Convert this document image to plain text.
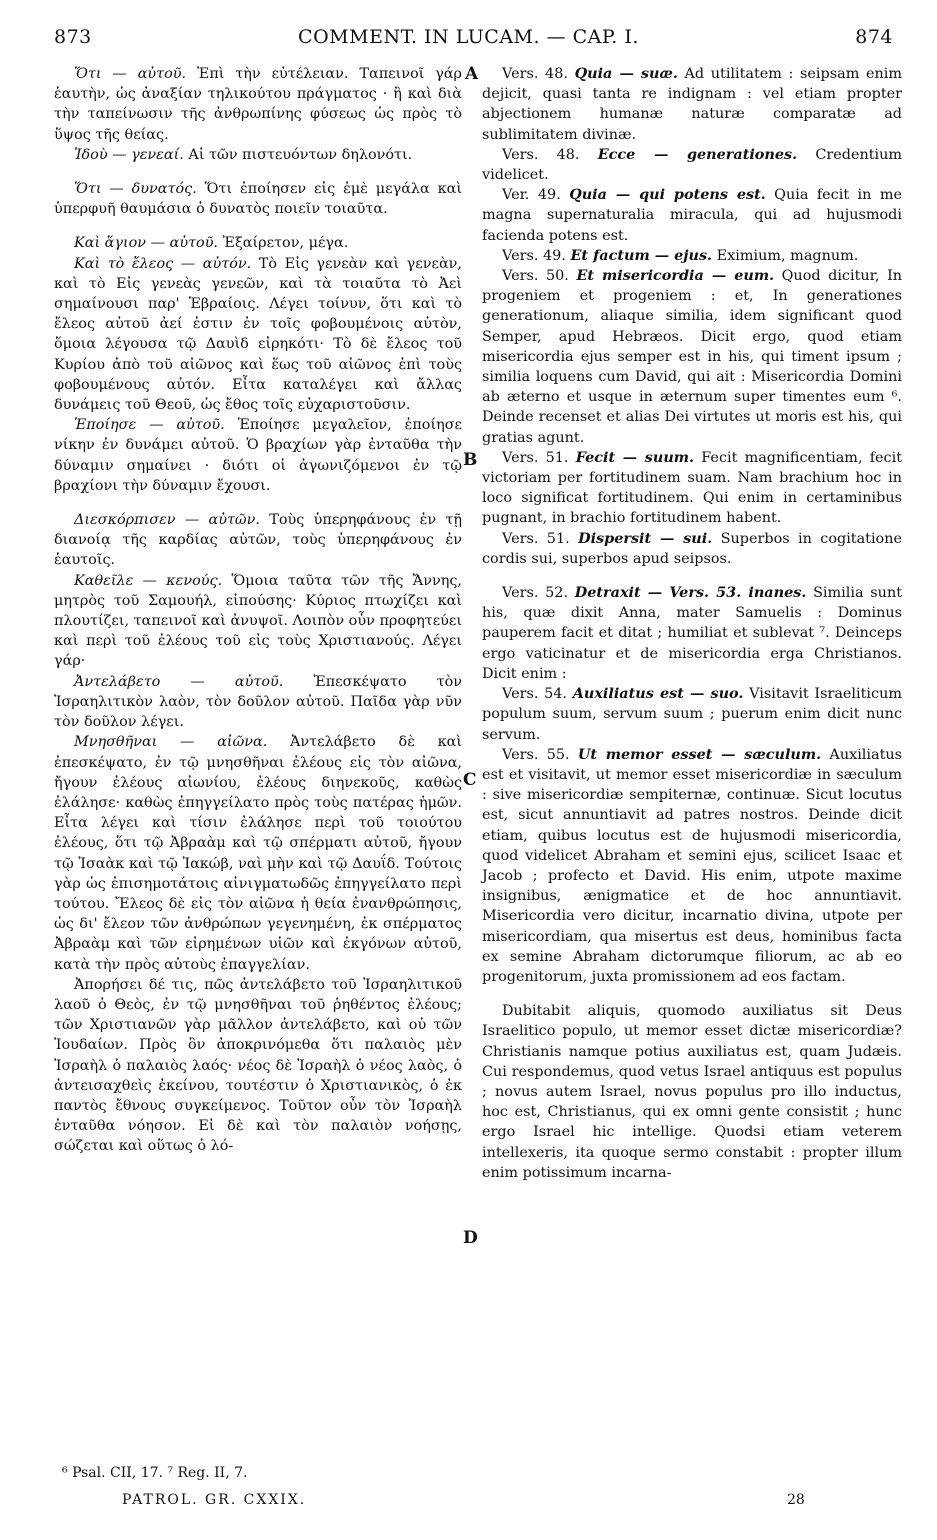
873	COMMENT. IN LUCAM. — CAP. I.	874
A
B
C
D

Ὅτι — αὐτοῦ. Ἐπὶ τὴν εὐτέλειαν. Ταπεινοῖ γάρ ἑαυτὴν, ὡς ἀναξίαν τηλικούτου πράγματος · ἢ καὶ διὰ τὴν ταπείνωσιν τῆς ἀνθρωπίνης φύσεως ὡς πρὸς τὸ ὕψος τῆς θείας.

Ἰδοὺ — γενεαί. Αἱ τῶν πιστευόντων δηλονότι.

Ὅτι — δυνατός. Ὅτι ἐποίησεν εἰς ἐμὲ μεγάλα καὶ ὑπερφυῆ θαυμάσια ὁ δυνατὸς ποιεῖν τοιαῦτα.

Καὶ ἅγιον — αὐτοῦ. Ἐξαίρετον, μέγα.

Καὶ τὸ ἔλεος — αὐτόν. Τὸ Εἰς γενεὰν καὶ γενεὰν, καὶ τὸ Εἰς γενεὰς γενεῶν, καὶ τὰ τοιαῦτα τὸ Ἀεὶ σημαίνουσι παρ' Ἑβραίοις. Λέγει τοίνυν, ὅτι καὶ τὸ ἔλεος αὐτοῦ ἀεί ἐστιν ἐν τοῖς φοβουμένοις αὐτὸν, ὅμοια λέγουσα τῷ Δαυὶδ εἰρηκότι· Τὸ δὲ ἔλεος τοῦ Κυρίου ἀπὸ τοῦ αἰῶνος καὶ ἕως τοῦ αἰῶνος ἐπὶ τοὺς φοβουμένους αὐτόν. Εἶτα καταλέγει καὶ ἄλλας δυνάμεις τοῦ Θεοῦ, ὡς ἔθος τοῖς εὐχαριστοῦσιν.

Ἐποίησε — αὐτοῦ. Ἐποίησε μεγαλεῖον, ἐποίησε νίκην ἐν δυνάμει αὐτοῦ. Ὁ βραχίων γὰρ ἐνταῦθα τὴν δύναμιν σημαίνει · διότι οἱ ἀγωνιζόμενοι ἐν τῷ βραχίονι τὴν δύναμιν ἔχουσι.

Διεσκόρπισεν — αὐτῶν. Τοὺς ὑπερηφάνους ἐν τῇ διανοίᾳ τῆς καρδίας αὐτῶν, τοὺς ὑπερηφάνους ἐν ἑαυτοῖς.

Καθεῖλε — κενούς. Ὅμοια ταῦτα τῶν τῆς Ἄννης, μητρὸς τοῦ Σαμουήλ, εἰπούσης· Κύριος πτωχίζει καὶ πλουτίζει, ταπεινοῖ καὶ ἀνυψοῖ. Λοιπὸν οὖν προφητεύει καὶ περὶ τοῦ ἐλέους τοῦ εἰς τοὺς Χριστιανούς. Λέγει γάρ·

Ἀντελάβετο — αὐτοῦ. Ἐπεσκέψατο τὸν Ἰσραηλιτικὸν λαὸν, τὸν δοῦλον αὐτοῦ. Παῖδα γὰρ νῦν τὸν δοῦλον λέγει.

Μνησθῆναι — αἰῶνα. Ἀντελάβετο δὲ καὶ ἐπεσκέψατο, ἐν τῷ μνησθῆναι ἐλέους εἰς τὸν αἰῶνα, ἤγουν ἐλέους αἰωνίου, ἐλέους διηνεκοῦς, καθὼς ἐλάλησε· καθὼς ἐπηγγείλατο πρὸς τοὺς πατέρας ἡμῶν. Εἶτα λέγει καὶ τίσιν ἐλάλησε περὶ τοῦ τοιούτου ἐλέους, ὅτι τῷ Ἀβραὰμ καὶ τῷ σπέρματι αὐτοῦ, ἤγουν τῷ Ἰσαὰκ καὶ τῷ Ἰακώβ, ναὶ μὴν καὶ τῷ Δαυΐδ. Τούτοις γὰρ ὡς ἐπισημοτάτοις αἰνιγματωδῶς ἐπηγγείλατο περὶ τούτου. Ἔλεος δὲ εἰς τὸν αἰῶνα ἡ θεία ἐνανθρώπησις, ὡς δι' ἔλεον τῶν ἀνθρώπων γεγενημένη, ἐκ σπέρματος Ἀβραὰμ καὶ τῶν εἰρημένων υἱῶν καὶ ἐκγόνων αὐτοῦ, κατὰ τὴν πρὸς αὐτοὺς ἐπαγγελίαν.

Ἀπορήσει δέ τις, πῶς ἀντελάβετο τοῦ Ἰσραηλιτικοῦ λαοῦ ὁ Θεὸς, ἐν τῷ μνησθῆναι τοῦ ῥηθέντος ἐλέους; τῶν Χριστιανῶν γὰρ μᾶλλον ἀντελάβετο, καὶ οὐ τῶν Ἰουδαίων. Πρὸς ὃν ἀποκρινόμεθα ὅτι παλαιὸς μὲν Ἰσραὴλ ὁ παλαιὸς λαός· νέος δὲ Ἰσραὴλ ὁ νέος λαὸς, ὁ ἀντεισαχθεὶς ἐκείνου, τουτέστιν ὁ Χριστιανικὸς, ὁ ἐκ παντὸς ἔθνους συγκείμενος. Τοῦτον οὖν τὸν Ἰσραὴλ ἐνταῦθα νόησον. Εἰ δὲ καὶ τὸν παλαιὸν νοήσῃς, σώζεται καὶ οὕτως ὁ λό-

Vers. 48. Quia — suæ. Ad utilitatem : seipsam enim dejicit, quasi tanta re indignam : vel etiam propter abjectionem humanæ naturæ comparatæ ad sublimitatem divinæ.

Vers. 48. Ecce — generationes. Credentium videlicet.

Ver. 49. Quia — qui potens est. Quia fecit in me magna supernaturalia miracula, qui ad hujusmodi facienda potens est.

Vers. 49. Et factum — ejus. Eximium, magnum.

Vers. 50. Et misericordia — eum. Quod dicitur, In progeniem et progeniem : et, In generationes generationum, aliaque similia, idem significant quod Semper, apud Hebræos. Dicit ergo, quod etiam misericordia ejus semper est in his, qui timent ipsum ; similia loquens cum David, qui ait : Misericordia Domini ab æterno et usque in æternum super timentes eum ⁶. Deinde recenset et alias Dei virtutes ut moris est his, qui gratias agunt.

Vers. 51. Fecit — suum. Fecit magnificentiam, fecit victoriam per fortitudinem suam. Nam brachium hoc in loco significat fortitudinem. Qui enim in certaminibus pugnant, in brachio fortitudinem habent.

Vers. 51. Dispersit — sui. Superbos in cogitatione cordis sui, superbos apud seipsos.

Vers. 52. Detraxit — Vers. 53. inanes. Similia sunt his, quæ dixit Anna, mater Samuelis : Dominus pauperem facit et ditat ; humiliat et sublevat ⁷. Deinceps ergo vaticinatur et de misericordia erga Christianos. Dicit enim :

Vers. 54. Auxiliatus est — suo. Visitavit Israeliticum populum suum, servum suum ; puerum enim dicit nunc servum.

Vers. 55. Ut memor esset — sæculum. Auxiliatus est et visitavit, ut memor esset misericordiæ in sæculum : sive misericordiæ sempiternæ, continuæ. Sicut locutus est, sicut annuntiavit ad patres nostros. Deinde dicit etiam, quibus locutus est de hujusmodi misericordia, quod videlicet Abraham et semini ejus, scilicet Isaac et Jacob ; profecto et David. His enim, utpote maxime insignibus, ænigmatice et de hoc annuntiavit. Misericordia vero dicitur, incarnatio divina, utpote per misericordiam, qua misertus est deus, hominibus facta ex semine Abraham dictorumque filiorum, ac ab eo progenitorum, juxta promissionem ad eos factam.

Dubitabit aliquis, quomodo auxiliatus sit Deus Israelitico populo, ut memor esset dictæ misericordiæ? Christianis namque potius auxiliatus est, quam Judæis. Cui respondemus, quod vetus Israel antiquus est populus ; novus autem Israel, novus populus pro illo inductus, hoc est, Christianus, qui ex omni gente consistit ; hunc ergo Israel hic intellige. Quodsi etiam veterem intellexeris, ita quoque sermo constabit : propter illum enim potissimum incarna-

⁶ Psal. CII, 17. ⁷ Reg. II, 7.
PATROL. GR. CXXIX.	28
